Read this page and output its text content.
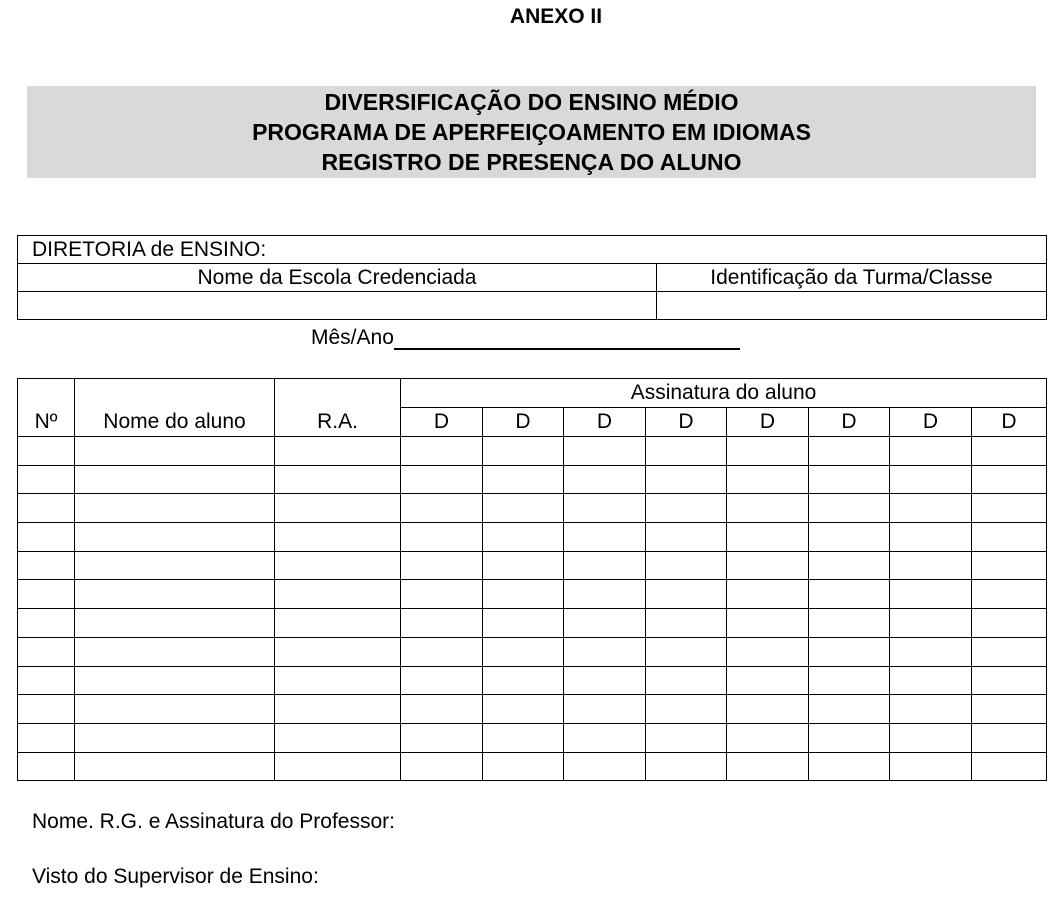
ANEXO II
DIVERSIFICAÇÃO DO ENSINO MÉDIO
PROGRAMA DE APERFEIÇOAMENTO EM IDIOMAS
REGISTRO DE PRESENÇA DO ALUNO
DIRETORIA de ENSINO:	
Nome da Escola Credenciada	Identificação da Turma/Classe

Mês/Ano
Nº	Nome do aluno	R.A.	Assinatura do aluno							
			D	D	D	D	D	D	D	D

Nome. R.G. e Assinatura do Professor:
Visto do Supervisor de Ensino:
